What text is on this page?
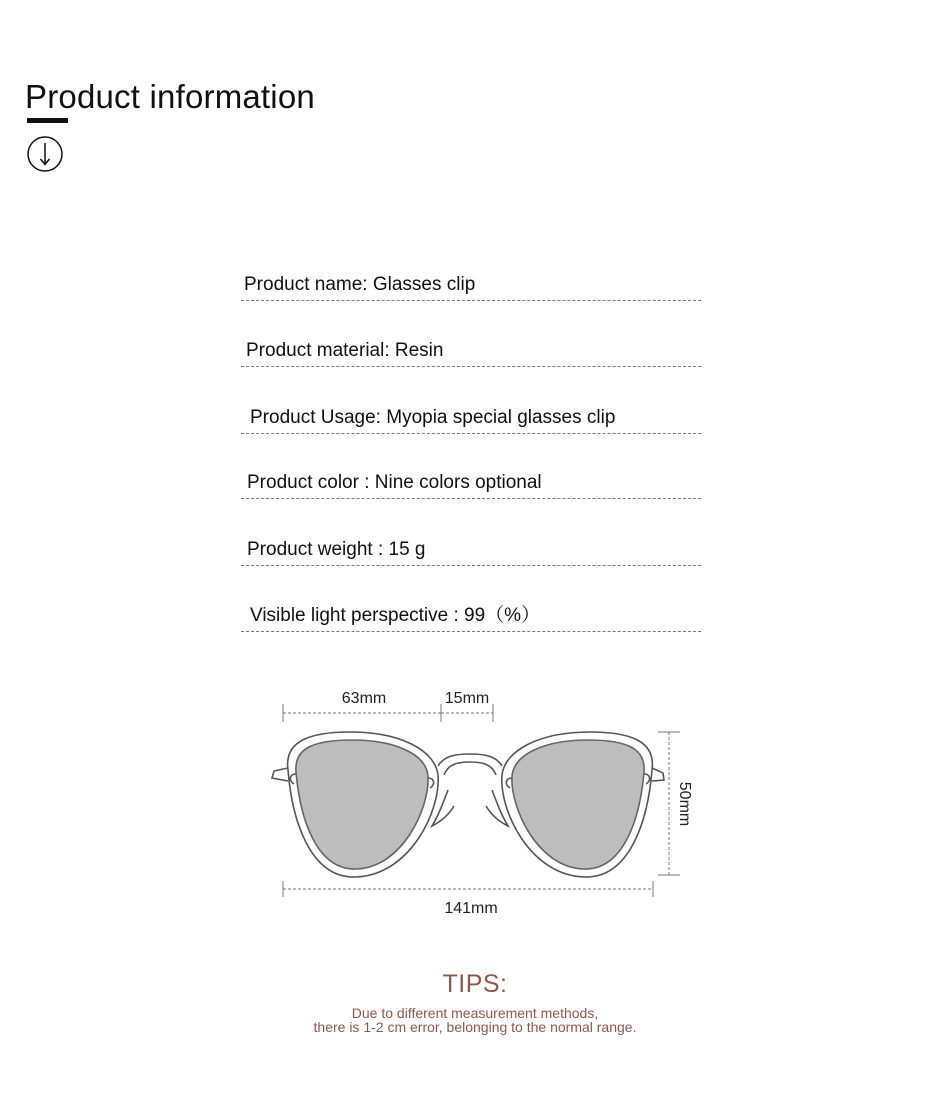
Product information
Product name: Glasses clip
Product material: Resin
Product Usage: Myopia special glasses clip
Product color : Nine colors optional
Product weight : 15 g
Visible light perspective : 99（%）
63mm	15mm
50mm
141mm
TIPS:
Due to different measurement methods,
there is 1-2 cm error, belonging to the normal range.
